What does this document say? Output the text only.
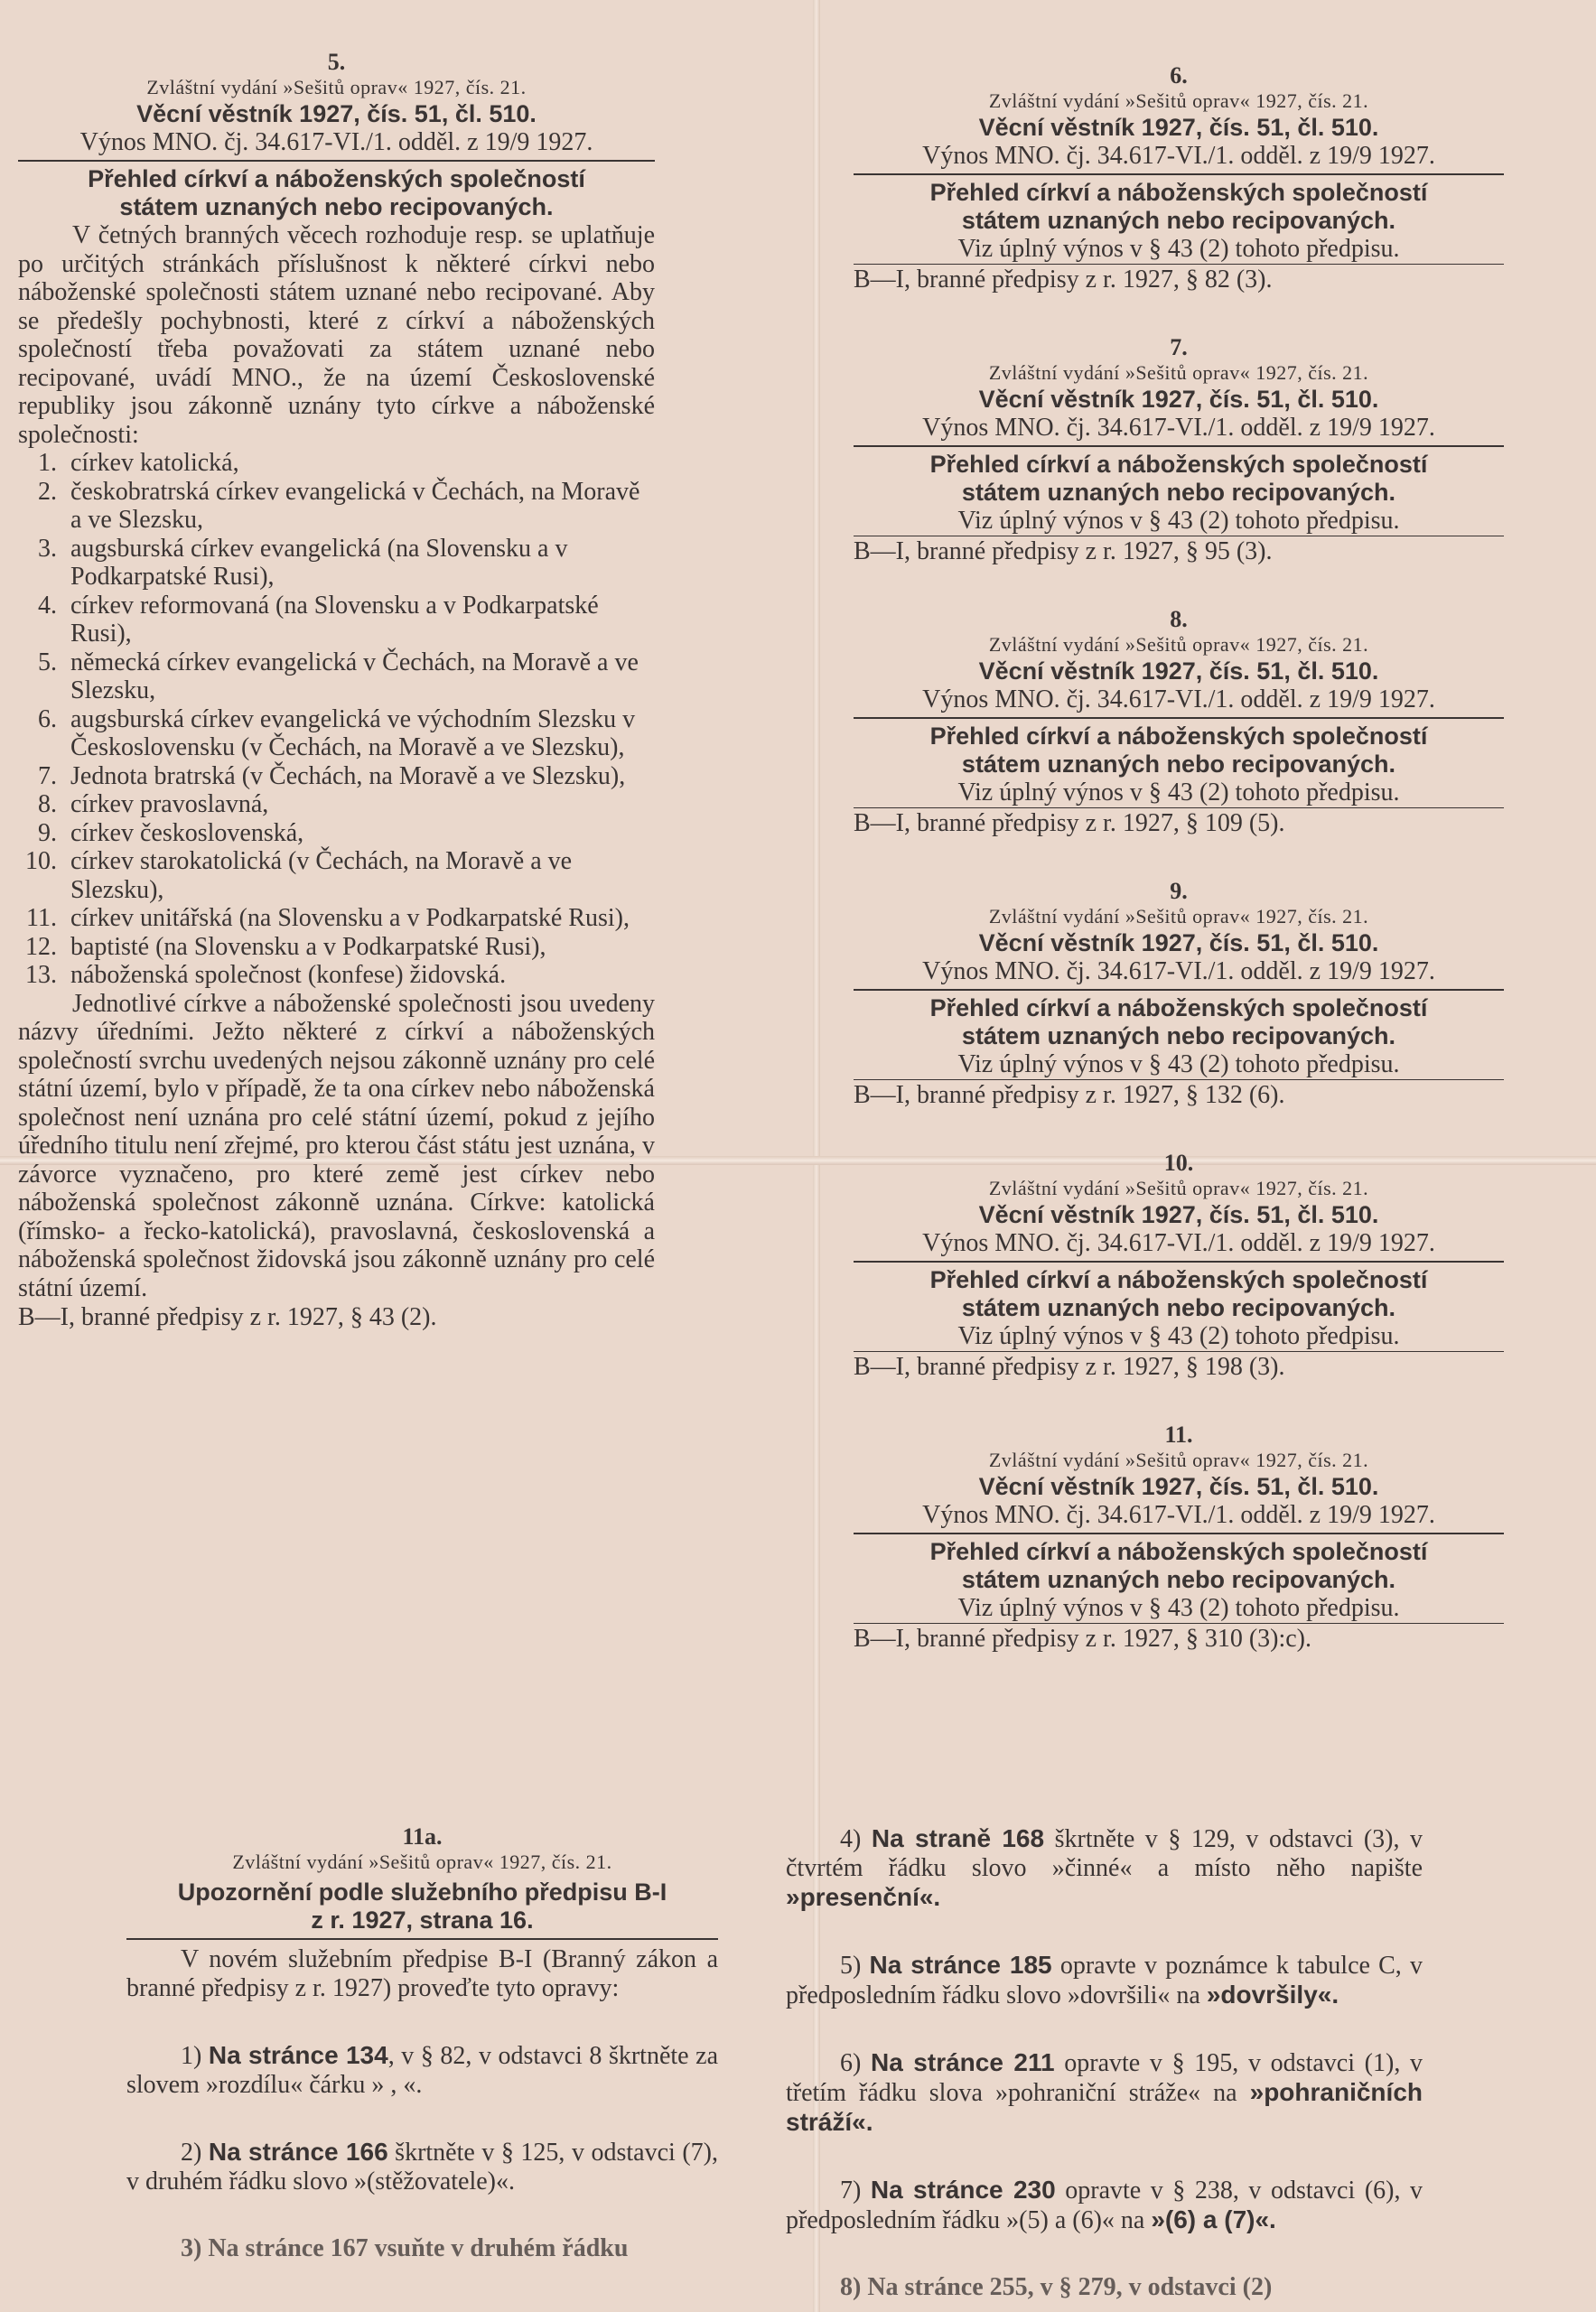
5.
Zvláštní vydání »Sešitů oprav« 1927, čís. 21.
Věcní věstník 1927, čís. 51, čl. 510.
Výnos MNO. čj. 34.617-VI./1. odděl. z 19/9 1927.
Přehled církví a náboženských společností
státem uznaných nebo recipovaných.
V četných branných věcech rozhoduje resp. se uplatňuje po určitých stránkách příslušnost k některé církvi nebo náboženské společnosti státem uznané nebo recipované. Aby se předešly pochybnosti, které z církví a náboženských společností třeba považovati za státem uznané nebo recipované, uvádí MNO., že na území Československé republiky jsou zákonně uznány tyto církve a náboženské společnosti:
1. církev katolická,
2. českobratrská církev evangelická v Čechách, na Moravě a ve Slezsku,
3. augsburská církev evangelická (na Slovensku a v Podkarpatské Rusi),
4. církev reformovaná (na Slovensku a v Podkarpatské Rusi),
5. německá církev evangelická v Čechách, na Moravě a ve Slezsku,
6. augsburská církev evangelická ve východním Slezsku v Československu (v Čechách, na Moravě a ve Slezsku),
7. Jednota bratrská (v Čechách, na Moravě a ve Slezsku),
8. církev pravoslavná,
9. církev československá,
10. církev starokatolická (v Čechách, na Moravě a ve Slezsku),
11. církev unitářská (na Slovensku a v Podkarpatské Rusi),
12. baptisté (na Slovensku a v Podkarpatské Rusi),
13. náboženská společnost (konfese) židovská.
Jednotlivé církve a náboženské společnosti jsou uvedeny názvy úředními. Ježto některé z církví a náboženských společností svrchu uvedených nejsou zákonně uznány pro celé státní území, bylo v případě, že ta ona církev nebo náboženská společnost není uznána pro celé státní území, pokud z jejího úředního titulu není zřejmé, pro kterou část státu jest uznána, v závorce vyznačeno, pro které země jest církev nebo náboženská společnost zákonně uznána. Církve: katolická (římsko- a řecko-katolická), pravoslavná, československá a náboženská společnost židovská jsou zákonně uznány pro celé státní území.
B—I, branné předpisy z r. 1927, § 43 (2).
6.
Zvláštní vydání »Sešitů oprav« 1927, čís. 21.
Věcní věstník 1927, čís. 51, čl. 510.
Výnos MNO. čj. 34.617-VI./1. odděl. z 19/9 1927.
Přehled církví a náboženských společností
státem uznaných nebo recipovaných.
Viz úplný výnos v § 43 (2) tohoto předpisu.
B—I, branné předpisy z r. 1927, § 82 (3).
7.
Zvláštní vydání »Sešitů oprav« 1927, čís. 21.
Věcní věstník 1927, čís. 51, čl. 510.
Výnos MNO. čj. 34.617-VI./1. odděl. z 19/9 1927.
Přehled církví a náboženských společností
státem uznaných nebo recipovaných.
Viz úplný výnos v § 43 (2) tohoto předpisu.
B—I, branné předpisy z r. 1927, § 95 (3).
8.
Zvláštní vydání »Sešitů oprav« 1927, čís. 21.
Věcní věstník 1927, čís. 51, čl. 510.
Výnos MNO. čj. 34.617-VI./1. odděl. z 19/9 1927.
Přehled církví a náboženských společností
státem uznaných nebo recipovaných.
Viz úplný výnos v § 43 (2) tohoto předpisu.
B—I, branné předpisy z r. 1927, § 109 (5).
9.
Zvláštní vydání »Sešitů oprav« 1927, čís. 21.
Věcní věstník 1927, čís. 51, čl. 510.
Výnos MNO. čj. 34.617-VI./1. odděl. z 19/9 1927.
Přehled církví a náboženských společností
státem uznaných nebo recipovaných.
Viz úplný výnos v § 43 (2) tohoto předpisu.
B—I, branné předpisy z r. 1927, § 132 (6).
10.
Zvláštní vydání »Sešitů oprav« 1927, čís. 21.
Věcní věstník 1927, čís. 51, čl. 510.
Výnos MNO. čj. 34.617-VI./1. odděl. z 19/9 1927.
Přehled církví a náboženských společností
státem uznaných nebo recipovaných.
Viz úplný výnos v § 43 (2) tohoto předpisu.
B—I, branné předpisy z r. 1927, § 198 (3).
11.
Zvláštní vydání »Sešitů oprav« 1927, čís. 21.
Věcní věstník 1927, čís. 51, čl. 510.
Výnos MNO. čj. 34.617-VI./1. odděl. z 19/9 1927.
Přehled církví a náboženských společností
státem uznaných nebo recipovaných.
Viz úplný výnos v § 43 (2) tohoto předpisu.
B—I, branné předpisy z r. 1927, § 310 (3):c).
11a.
Zvláštní vydání »Sešitů oprav« 1927, čís. 21.
Upozornění podle služebního předpisu B-I
z r. 1927, strana 16.
V novém služebním předpise B-I (Branný zákon a branné předpisy z r. 1927) proveďte tyto opravy:
1) Na stránce 134, v § 82, v odstavci 8 škrtněte za slovem »rozdílu« čárku » , «.
2) Na stránce 166 škrtněte v § 125, v odstavci (7), v druhém řádku slovo »(stěžovatele)«.
3) Na stránce 167 vsuňte v druhém řádku
4) Na straně 168 škrtněte v § 129, v odstavci (3), v čtvrtém řádku slovo »činné« a místo něho napište »presenční«.
5) Na stránce 185 opravte v poznámce k tabulce C, v předposledním řádku slovo »dovršili« na »dovršily«.
6) Na stránce 211 opravte v § 195, v odstavci (1), v třetím řádku slova »pohraniční stráže« na »pohraničních stráží«.
7) Na stránce 230 opravte v § 238, v odstavci (6), v předposledním řádku »(5) a (6)« na »(6) a (7)«.
8) Na stránce 255, v § 279, v odstavci (2)
